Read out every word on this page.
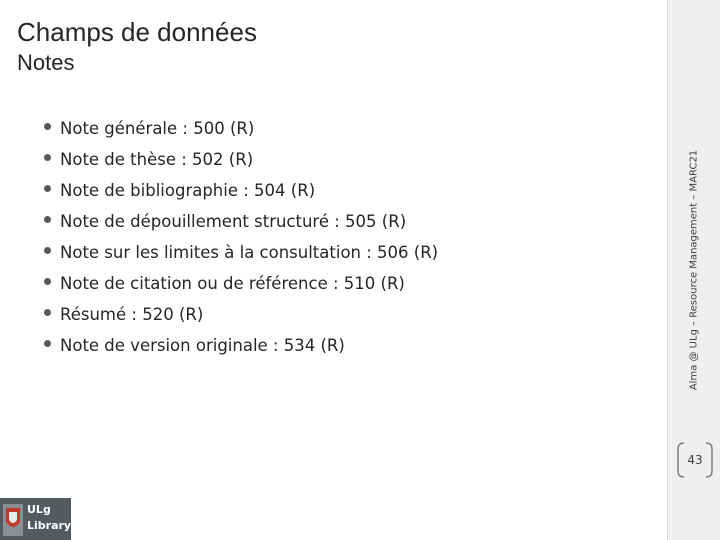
Champs de données
Notes
Note générale : 500 (R)
Note de thèse : 502 (R)
Note de bibliographie : 504 (R)
Note de dépouillement structuré : 505 (R)
Note sur les limites à la consultation : 506 (R)
Note de citation ou de référence : 510 (R)
Résumé : 520 (R)
Note de version originale : 534 (R)	Alma @ ULg – Resource Management – MARC21
43
ULg
Library
